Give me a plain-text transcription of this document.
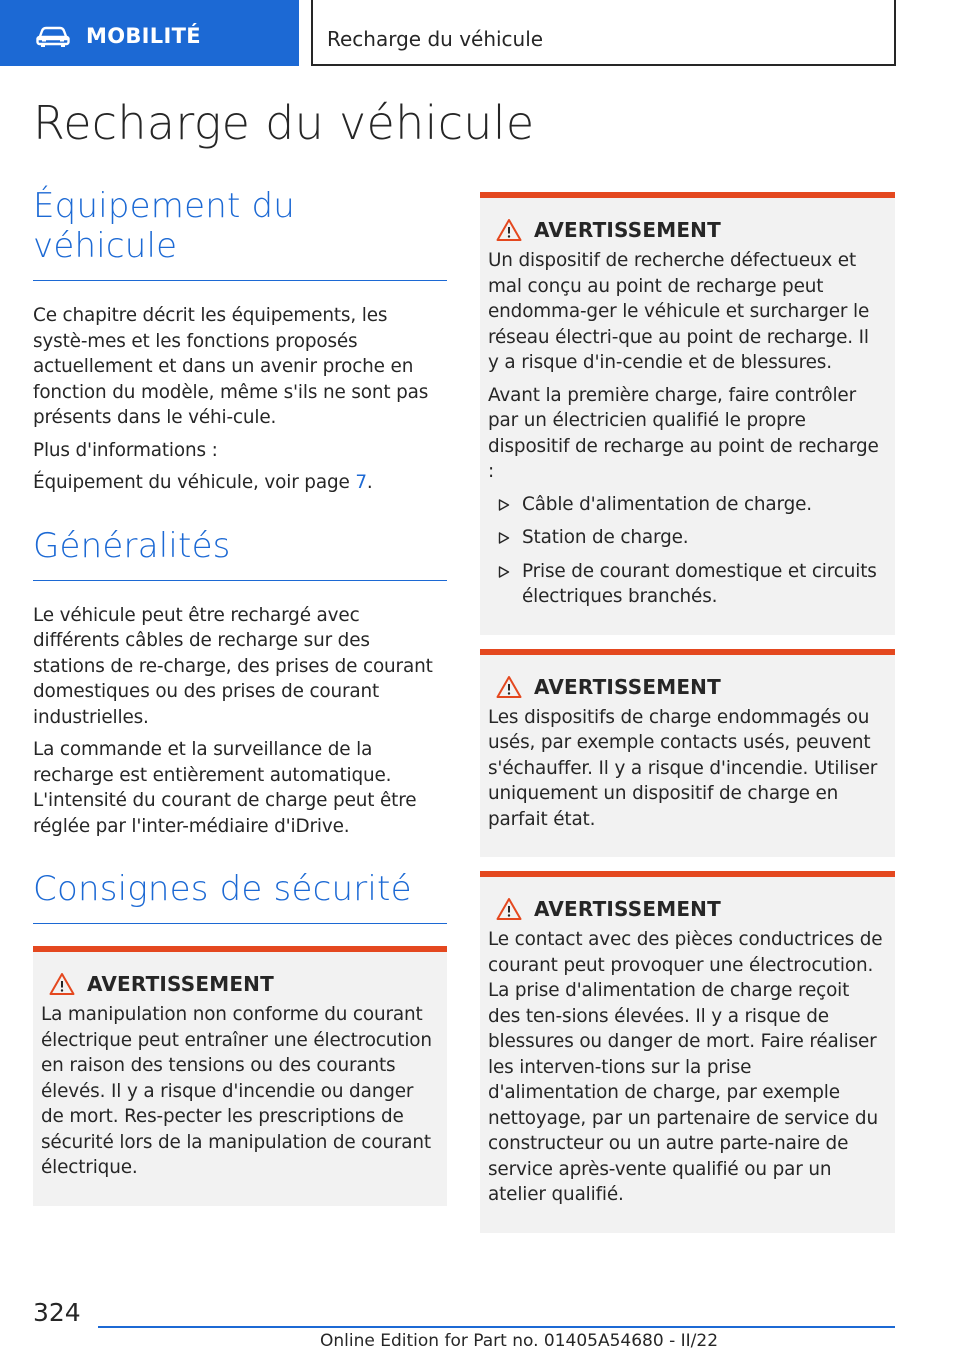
MOBILITÉ	Recharge du véhicule
Recharge du véhicule
Équipement du véhicule

Ce chapitre décrit les équipements, les systè-mes et les fonctions proposés actuellement et dans un avenir proche en fonction du modèle, même s'ils ne sont pas présents dans le véhi-cule.

Plus d'informations :

Équipement du véhicule, voir page 7.

Généralités

Le véhicule peut être rechargé avec différents câbles de recharge sur des stations de re-charge, des prises de courant domestiques ou des prises de courant industrielles.

La commande et la surveillance de la recharge est entièrement automatique. L'intensité du courant de charge peut être réglée par l'inter-médiaire d'iDrive.

Consignes de sécurité
AVERTISSEMENT

La manipulation non conforme du courant électrique peut entraîner une électrocution en raison des tensions ou des courants élevés. Il y a risque d'incendie ou danger de mort. Res-pecter les prescriptions de sécurité lors de la manipulation de courant électrique.

AVERTISSEMENT

Un dispositif de recherche défectueux et mal conçu au point de recharge peut endomma-ger le véhicule et surcharger le réseau électri-que au point de recharge. Il y a risque d'in-cendie et de blessures.

Avant la première charge, faire contrôler par un électricien qualifié le propre dispositif de recharge au point de recharge :

Câble d'alimentation de charge.
Station de charge.
Prise de courant domestique et circuits électriques branchés.
AVERTISSEMENT

Les dispositifs de charge endommagés ou usés, par exemple contacts usés, peuvent s'échauffer. Il y a risque d'incendie. Utiliser uniquement un dispositif de charge en parfait état.

AVERTISSEMENT

Le contact avec des pièces conductrices de courant peut provoquer une électrocution. La prise d'alimentation de charge reçoit des ten-sions élevées. Il y a risque de blessures ou danger de mort. Faire réaliser les interven-tions sur la prise d'alimentation de charge, par exemple nettoyage, par un partenaire de service du constructeur ou un autre parte-naire de service après-vente qualifié ou par un atelier qualifié.

324
Online Edition for Part no. 01405A54680 - II/22
